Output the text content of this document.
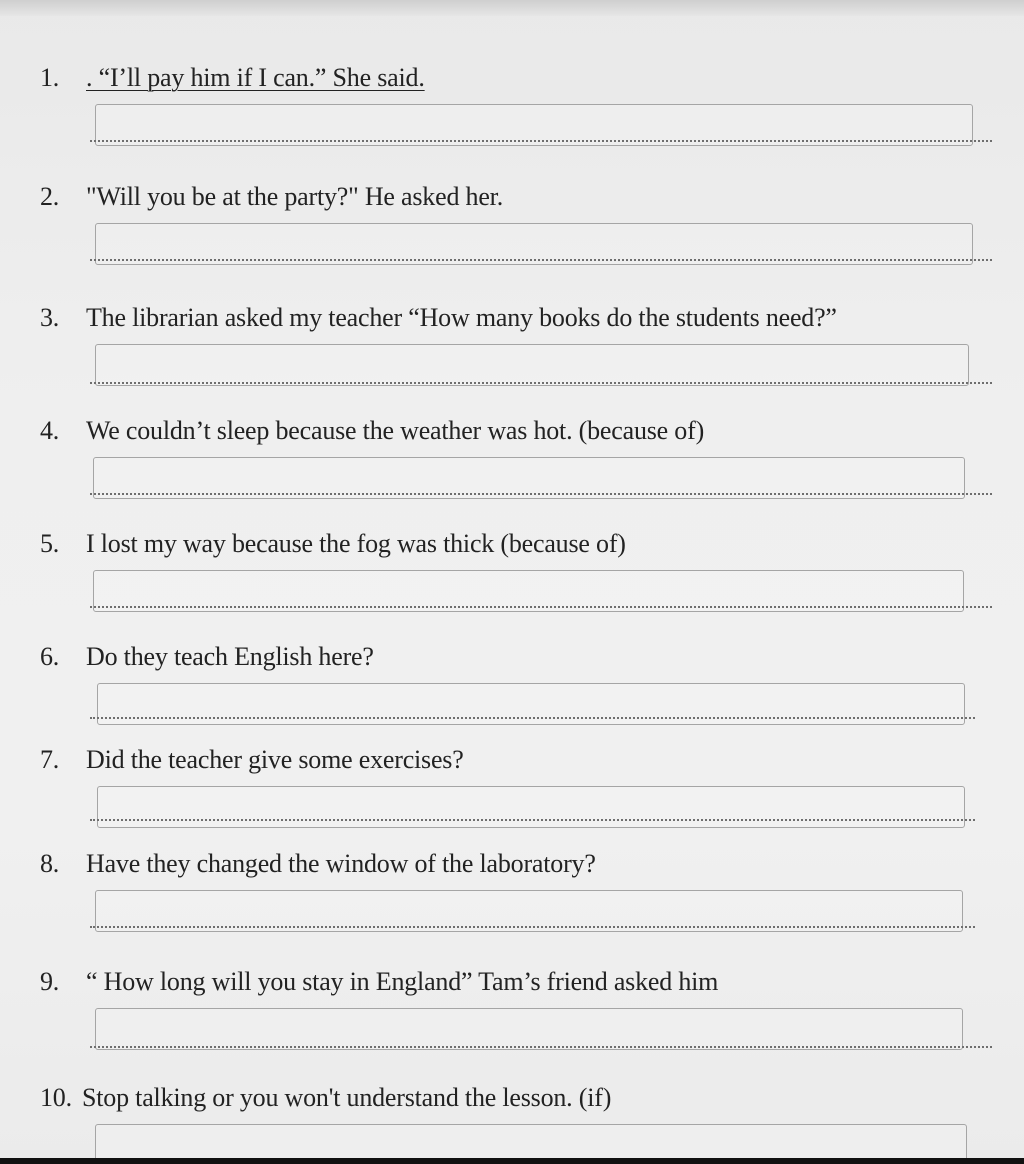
1. . “I’ll pay him if I can.” She said.
2. "Will you be at the party?" He asked her.
3. The librarian asked my teacher “How many books do the students need?”
4. We couldn’t sleep because the weather was hot. (because of)
5. I lost my way because the fog was thick (because of)
6. Do they teach English here?
7. Did the teacher give some exercises?
8. Have they changed the window of the laboratory?
9. “ How long will you stay in England” Tam’s friend asked him
10. Stop talking or you won't understand the lesson. (if)
